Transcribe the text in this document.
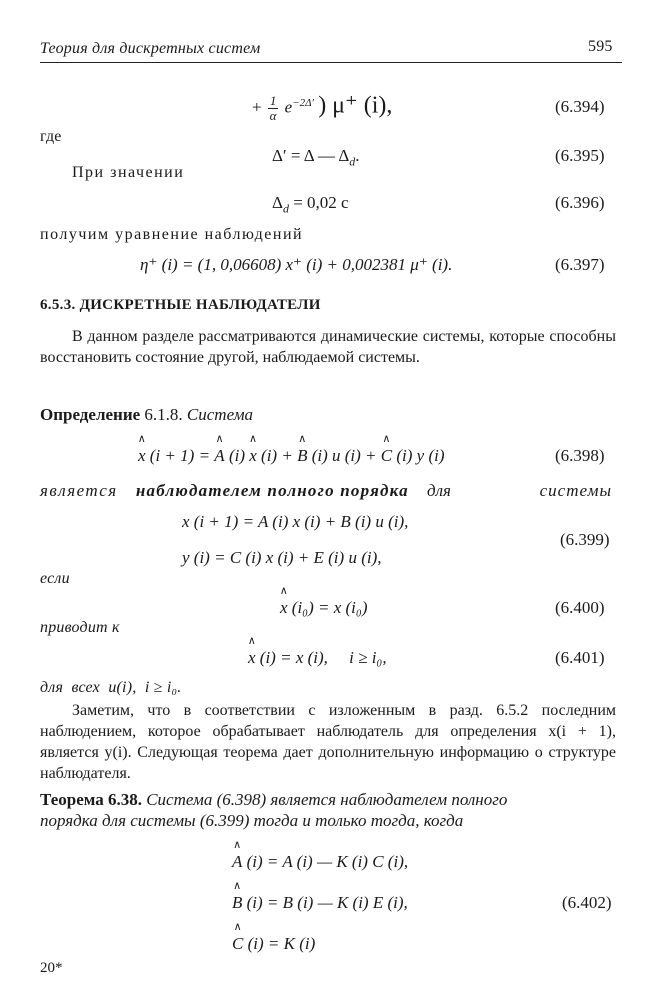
Теория для дискретных систем	595
+ $\frac{1}{\alpha} e^{-2\Delta'}$ ) μ⁺ (i),	(6.394)
где
Δ′ = Δ — $\Delta_d$.	(6.395)
При значении
$\Delta_d = 0,02$ c	(6.396)
получим уравнение наблюдений
η⁺ (i) = (1, 0,06608) x⁺ (i) + 0,002381 μ⁺ (i).	(6.397)
6.5.3. ДИСКРЕТНЫЕ НАБЛЮДАТЕЛИ
В данном разделе рассматриваются динамические системы, которые способны восстановить состояние другой, наблюдаемой системы.
Определение 6.1.8. Система
∧ x (i + 1) = ∧ A (i) ∧ x (i) + ∧ B (i) u (i) + ∧ C (i) y (i)	(6.398)
является наблюдателем полного порядка для	системы
x (i + 1) = A (i) x (i) + B (i) u (i),
y (i) = C (i) x (i) + E (i) u (i),
(6.399)
если
∧ x (i₀) = x (i₀)	(6.400)
приводит к
∧ x (i) = x (i),     i ≥ i₀,	(6.401)
для  всех  u(i),  i ≥ i₀.
Заметим, что в соответствии с изложенным в разд. 6.5.2 последним наблюдением, которое обрабатывает наблюдатель для определения x(i + 1), является y(i). Следующая теорема дает дополнительную информацию о структуре наблюдателя.
Теорема 6.38. Система (6.398) является наблюдателем полного
порядка для системы (6.399) тогда и только тогда, когда
∧ A (i) = A (i) — K (i) C (i),
∧ B (i) = B (i) — K (i) E (i),
∧ C (i) = K (i)
(6.402)
20*
